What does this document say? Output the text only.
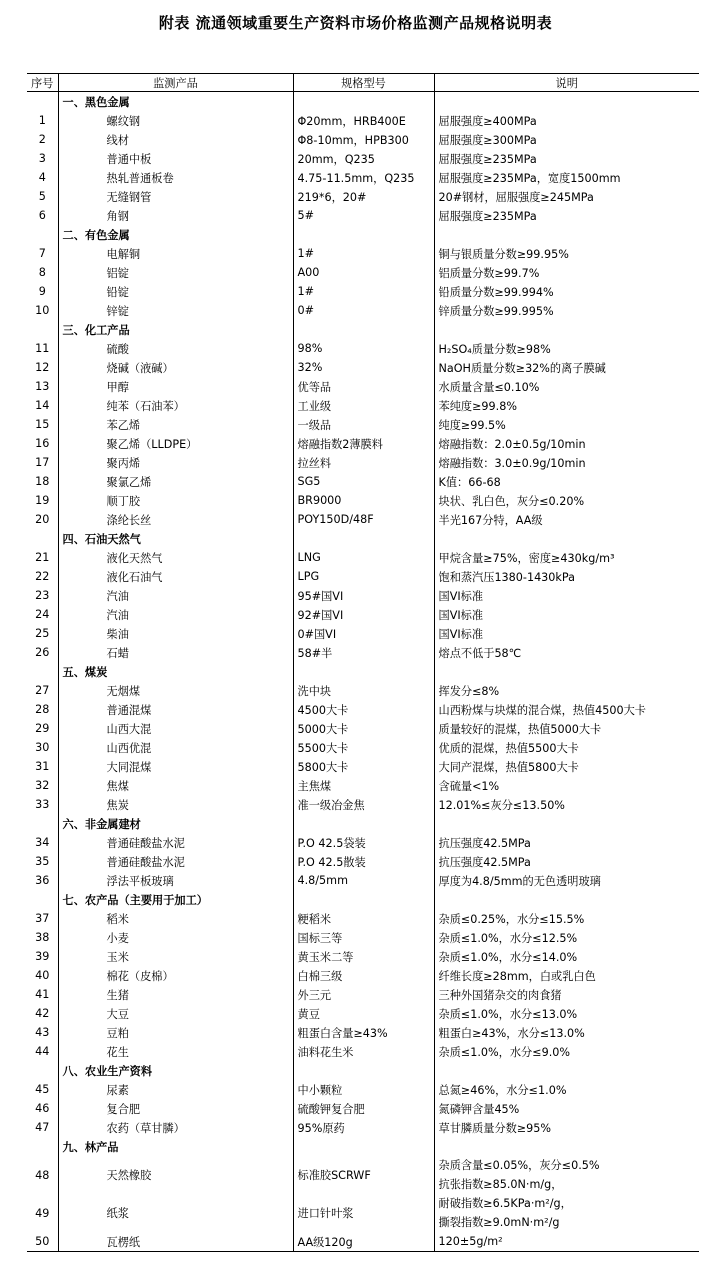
附表 流通领域重要生产资料市场价格监测产品规格说明表
序号	监测产品	规格型号	说明
	一、黑色金属		
1	螺纹钢	Φ20mm，HRB400E	屈服强度≥400MPa
2	线材	Φ8-10mm，HPB300	屈服强度≥300MPa
3	普通中板	20mm，Q235	屈服强度≥235MPa
4	热轧普通板卷	4.75-11.5mm，Q235	屈服强度≥235MPa，宽度1500mm
5	无缝钢管	219*6，20#	20#钢材，屈服强度≥245MPa
6	角钢	5#	屈服强度≥235MPa
	二、有色金属		
7	电解铜	1#	铜与银质量分数≥99.95%
8	铝锭	A00	铝质量分数≥99.7%
9	铅锭	1#	铅质量分数≥99.994%
10	锌锭	0#	锌质量分数≥99.995%
	三、化工产品		
11	硫酸	98%	H₂SO₄质量分数≥98%
12	烧碱（液碱）	32%	NaOH质量分数≥32%的离子膜碱
13	甲醇	优等品	水质量含量≤0.10%
14	纯苯（石油苯）	工业级	苯纯度≥99.8%
15	苯乙烯	一级品	纯度≥99.5%
16	聚乙烯（LLDPE）	熔融指数2薄膜料	熔融指数：2.0±0.5g/10min
17	聚丙烯	拉丝料	熔融指数：3.0±0.9g/10min
18	聚氯乙烯	SG5	K值：66-68
19	顺丁胶	BR9000	块状、乳白色，灰分≤0.20%
20	涤纶长丝	POY150D/48F	半光167分特，AA级
	四、石油天然气		
21	液化天然气	LNG	甲烷含量≥75%，密度≥430kg/m³
22	液化石油气	LPG	饱和蒸汽压1380-1430kPa
23	汽油	95#国VI	国VI标准
24	汽油	92#国VI	国VI标准
25	柴油	0#国VI	国VI标准
26	石蜡	58#半	熔点不低于58℃
	五、煤炭		
27	无烟煤	洗中块	挥发分≤8%
28	普通混煤	4500大卡	山西粉煤与块煤的混合煤，热值4500大卡
29	山西大混	5000大卡	质量较好的混煤，热值5000大卡
30	山西优混	5500大卡	优质的混煤，热值5500大卡
31	大同混煤	5800大卡	大同产混煤，热值5800大卡
32	焦煤	主焦煤	含硫量<1%
33	焦炭	准一级冶金焦	12.01%≤灰分≤13.50%
	六、非金属建材		
34	普通硅酸盐水泥	P.O 42.5袋装	抗压强度42.5MPa
35	普通硅酸盐水泥	P.O 42.5散装	抗压强度42.5MPa
36	浮法平板玻璃	4.8/5mm	厚度为4.8/5mm的无色透明玻璃
	七、农产品（主要用于加工）		
37	稻米	粳稻米	杂质≤0.25%，水分≤15.5%
38	小麦	国标三等	杂质≤1.0%，水分≤12.5%
39	玉米	黄玉米二等	杂质≤1.0%，水分≤14.0%
40	棉花（皮棉）	白棉三级	纤维长度≥28mm，白或乳白色
41	生猪	外三元	三种外国猪杂交的肉食猪
42	大豆	黄豆	杂质≤1.0%，水分≤13.0%
43	豆粕	粗蛋白含量≥43%	粗蛋白≥43%，水分≤13.0%
44	花生	油料花生米	杂质≤1.0%，水分≤9.0%
	八、农业生产资料		
45	尿素	中小颗粒	总氮≥46%，水分≤1.0%
46	复合肥	硫酸钾复合肥	氮磷钾含量45%
47	农药（草甘膦）	95%原药	草甘膦质量分数≥95%
	九、林产品		
48	天然橡胶	标准胶SCRWF	杂质含量≤0.05%，灰分≤0.5%
抗张指数≥85.0N·m/g，

49	纸浆	进口针叶浆	耐破指数≥6.5KPa·m²/g，
撕裂指数≥9.0mN·m²/g

50	瓦楞纸	AA级120g	120±5g/m²
